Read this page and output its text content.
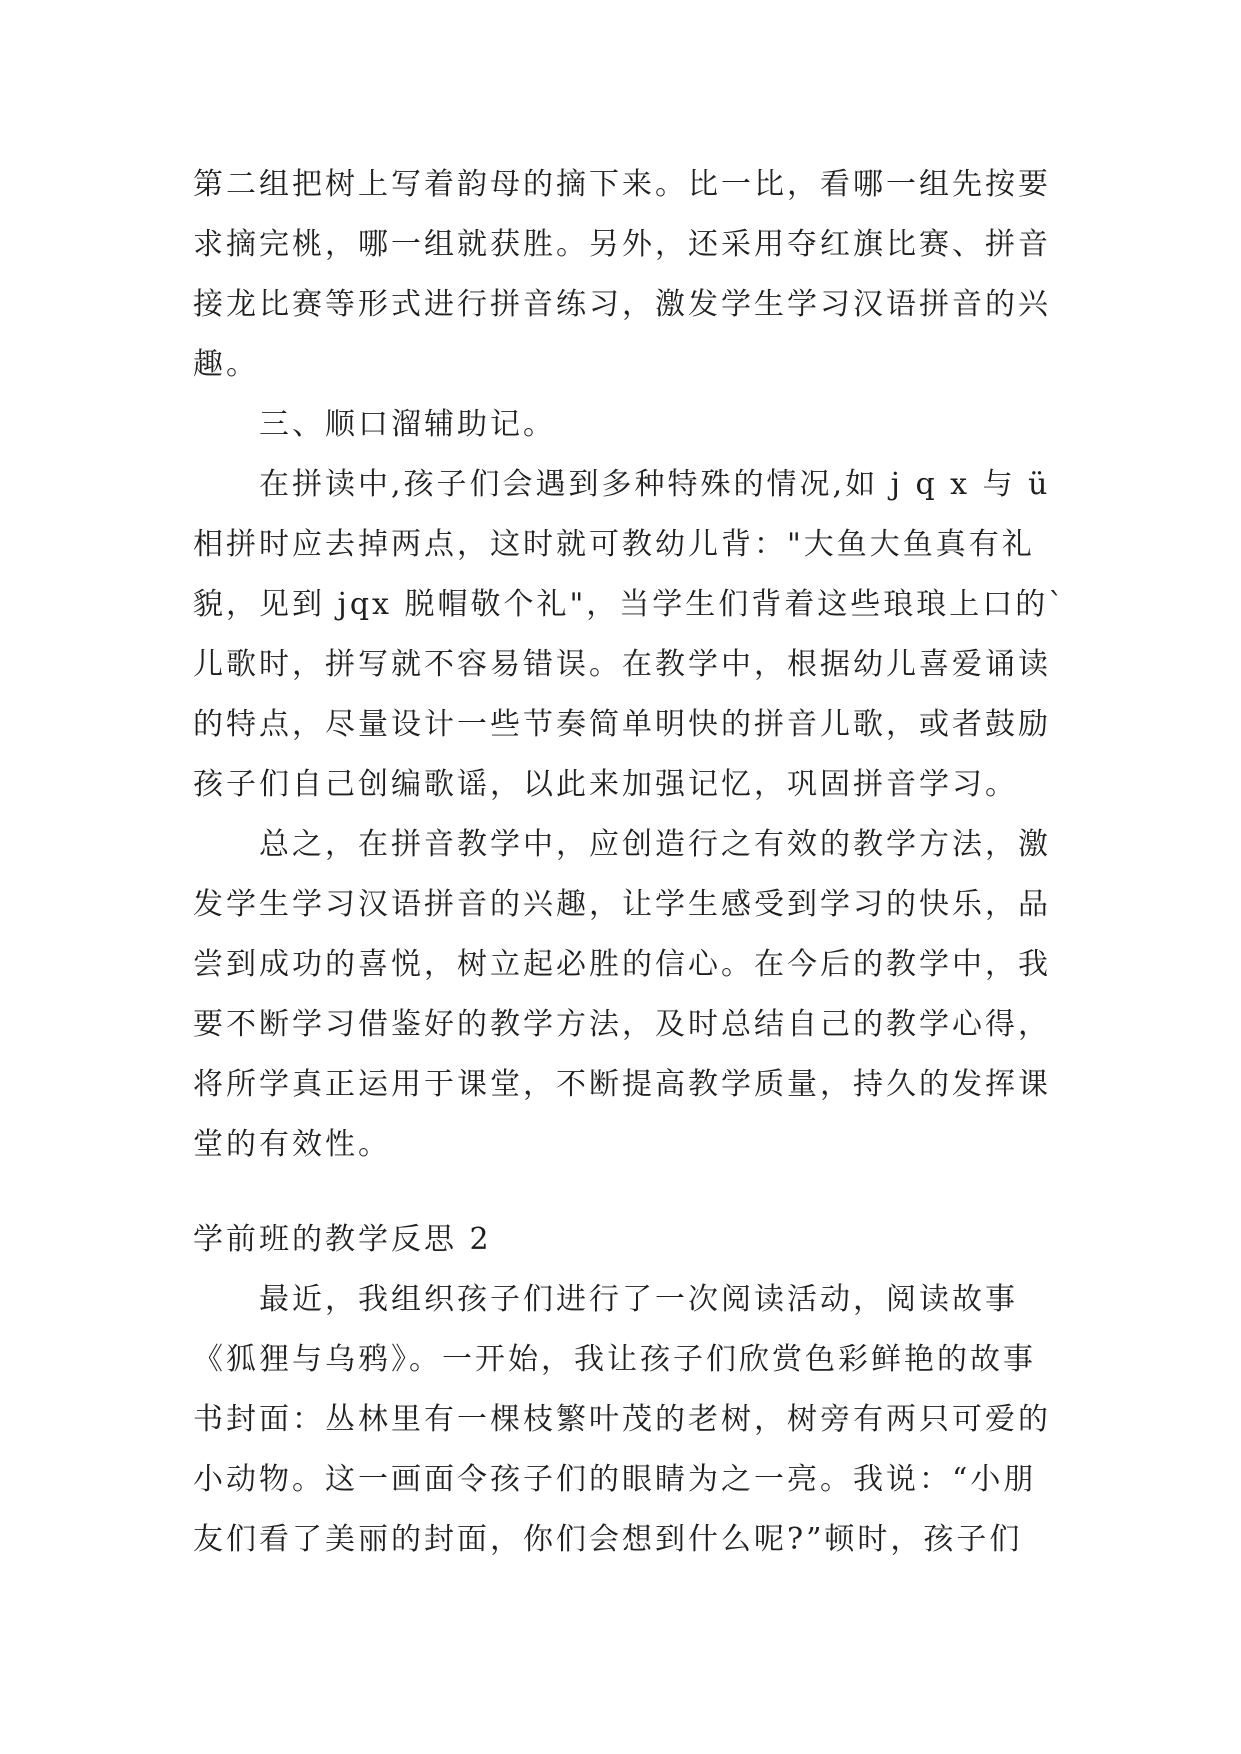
第二组把树上写着韵母的摘下来。比一比，看哪一组先按要
求摘完桃，哪一组就获胜。另外，还采用夺红旗比赛、拼音
接龙比赛等形式进行拼音练习，激发学生学习汉语拼音的兴
趣。
三、顺口溜辅助记。
在拼读中,孩子们会遇到多种特殊的情况,如 j q x 与 ü
相拼时应去掉两点，这时就可教幼儿背："大鱼大鱼真有礼
貌，见到 jqx 脱帽敬个礼"，当学生们背着这些琅琅上口的`
儿歌时，拼写就不容易错误。在教学中，根据幼儿喜爱诵读
的特点，尽量设计一些节奏简单明快的拼音儿歌，或者鼓励
孩子们自己创编歌谣，以此来加强记忆，巩固拼音学习。
总之，在拼音教学中，应创造行之有效的教学方法，激
发学生学习汉语拼音的兴趣，让学生感受到学习的快乐，品
尝到成功的喜悦，树立起必胜的信心。在今后的教学中，我
要不断学习借鉴好的教学方法，及时总结自己的教学心得，
将所学真正运用于课堂，不断提高教学质量，持久的发挥课
堂的有效性。
学前班的教学反思 2
最近，我组织孩子们进行了一次阅读活动，阅读故事
《狐狸与乌鸦》。一开始，我让孩子们欣赏色彩鲜艳的故事
书封面：丛林里有一棵枝繁叶茂的老树，树旁有两只可爱的
小动物。这一画面令孩子们的眼睛为之一亮。我说：“小朋
友们看了美丽的封面，你们会想到什么呢?”顿时，孩子们
